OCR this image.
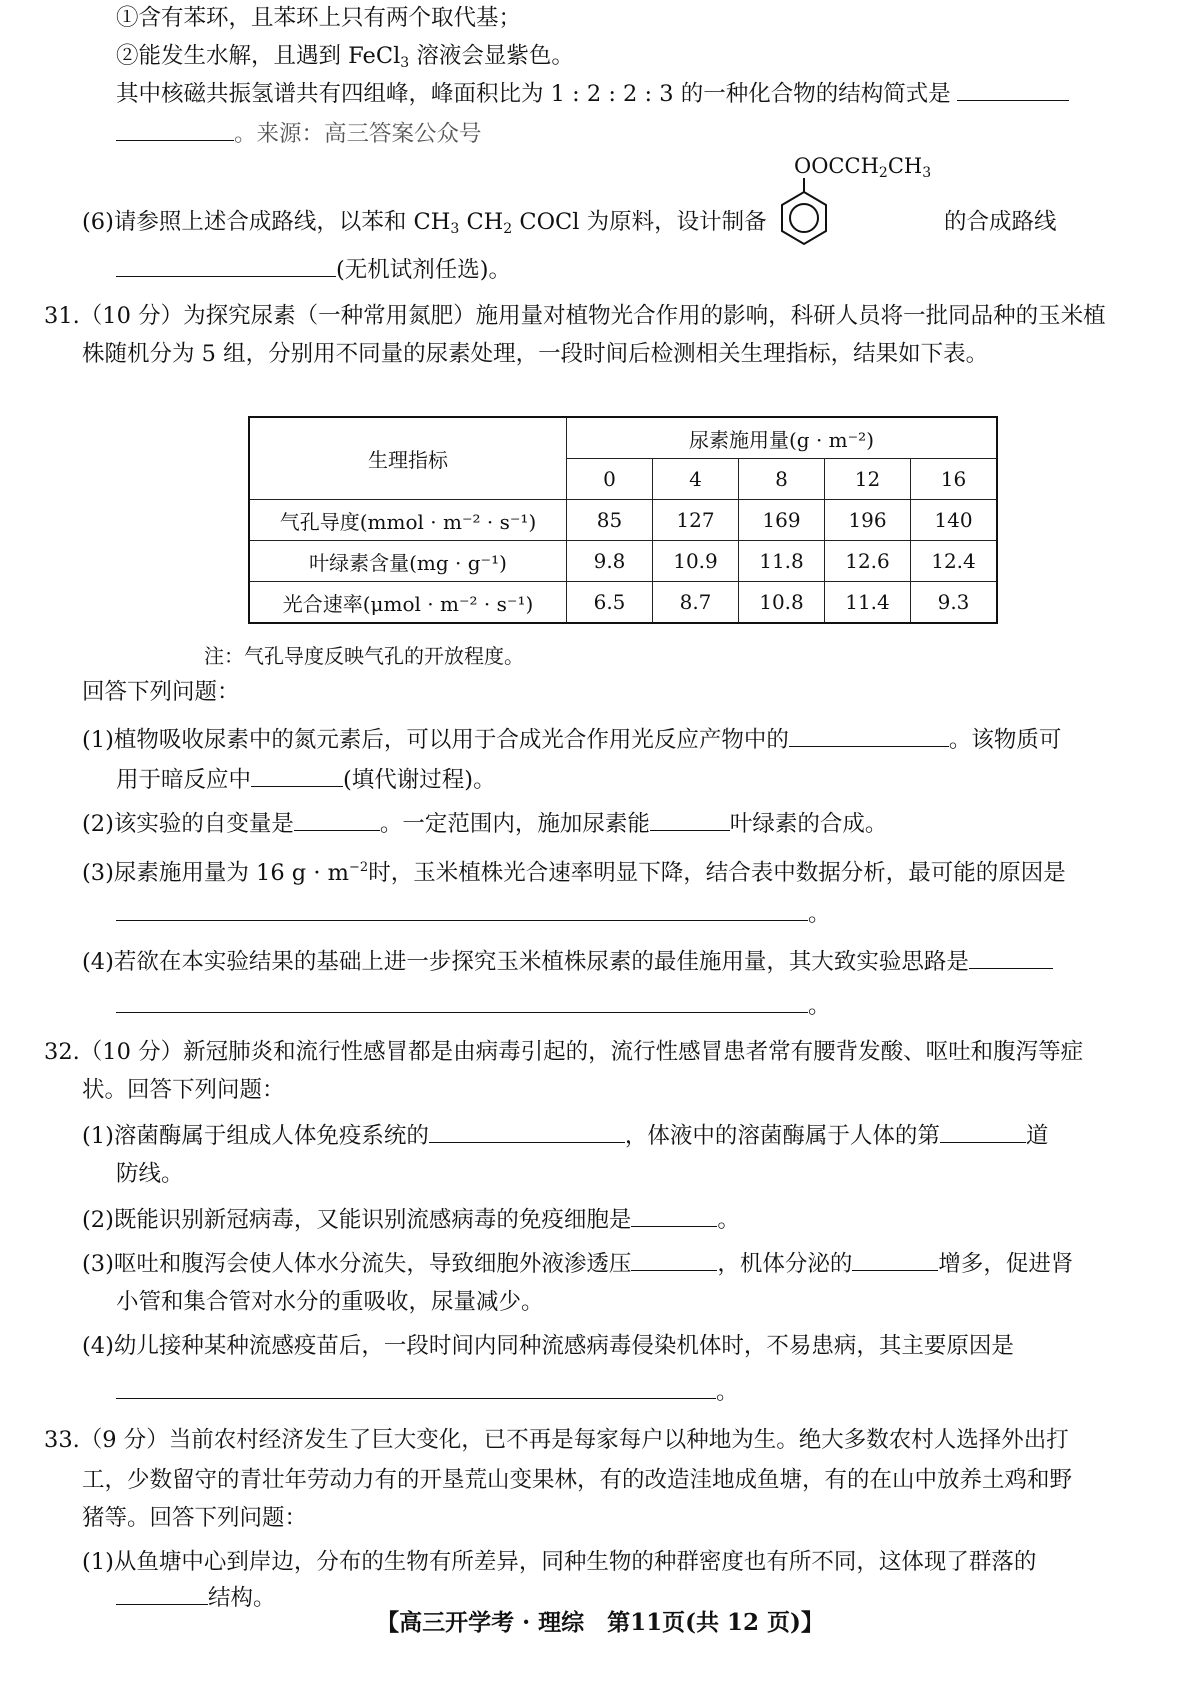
①含有苯环，且苯环上只有两个取代基；
②能发生水解，且遇到 FeCl$_3$ 溶液会显紫色。
其中核磁共振氢谱共有四组峰，峰面积比为 1 : 2 : 2 : 3 的一种化合物的结构简式是
。来源：高三答案公众号
$OOCCH_2CH_3$
(6)请参照上述合成路线，以苯和 $CH_3$ $CH_2$ COCl 为原料，设计制备	的合成路线
(无机试剂任选)。
31.（10 分）为探究尿素（一种常用氮肥）施用量对植物光合作用的影响，科研人员将一批同品种的玉米植
株随机分为 5 组，分别用不同量的尿素处理，一段时间后检测相关生理指标，结果如下表。
生理指标	尿素施用量(g · m⁻²)				
	0	4	8	12	16
气孔导度(mmol · m⁻² · s⁻¹)	85	127	169	196	140
叶绿素含量(mg · g⁻¹)	9.8	10.9	11.8	12.6	12.4
光合速率(μmol · m⁻² · s⁻¹)	6.5	8.7	10.8	11.4	9.3
注：气孔导度反映气孔的开放程度。
回答下列问题：
(1)植物吸收尿素中的氮元素后，可以用于合成光合作用光反应产物中的	。该物质可
用于暗反应中	(填代谢过程)。
(2)该实验的自变量是	。一定范围内，施加尿素能	叶绿素的合成。
(3)尿素施用量为 16 $g \cdot m^{-2}$时，玉米植株光合速率明显下降，结合表中数据分析，最可能的原因是
。
(4)若欲在本实验结果的基础上进一步探究玉米植株尿素的最佳施用量，其大致实验思路是
。
32.（10 分）新冠肺炎和流行性感冒都是由病毒引起的，流行性感冒患者常有腰背发酸、呕吐和腹泻等症
状。回答下列问题：
(1)溶菌酶属于组成人体免疫系统的	，体液中的溶菌酶属于人体的第	道
防线。
(2)既能识别新冠病毒，又能识别流感病毒的免疫细胞是	。
(3)呕吐和腹泻会使人体水分流失，导致细胞外液渗透压	，机体分泌的	增多，促进肾
小管和集合管对水分的重吸收，尿量减少。
(4)幼儿接种某种流感疫苗后，一段时间内同种流感病毒侵染机体时，不易患病，其主要原因是
。
33.（9 分）当前农村经济发生了巨大变化，已不再是每家每户以种地为生。绝大多数农村人选择外出打
工，少数留守的青壮年劳动力有的开垦荒山变果林，有的改造洼地成鱼塘，有的在山中放养土鸡和野
猪等。回答下列问题：
(1)从鱼塘中心到岸边，分布的生物有所差异，同种生物的种群密度也有所不同，这体现了群落的
结构。
【高三开学考 · 理综　第11页(共 12 页)】
